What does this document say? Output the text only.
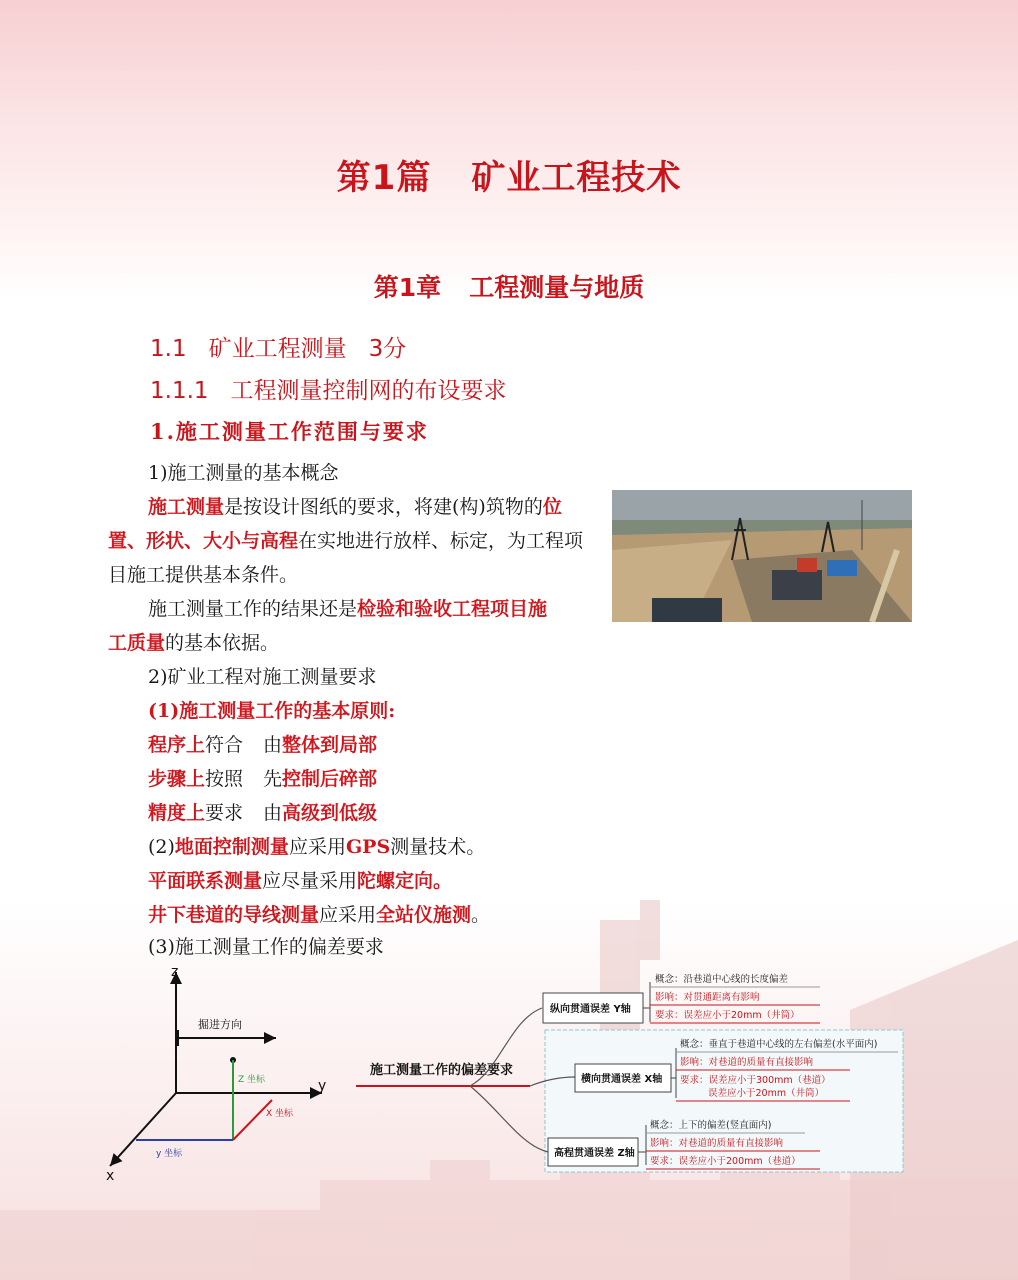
第1篇 矿业工程技术
第1章 工程测量与地质
1.1 矿业工程测量 3分
1.1.1 工程测量控制网的布设要求
1.施工测量工作范围与要求
1)施工测量的基本概念
施工测量是按设计图纸的要求，将建(构)筑物的位
置、形状、大小与高程在实地进行放样、标定，为工程项
目施工提供基本条件。
施工测量工作的结果还是检验和验收工程项目施
工质量的基本依据。
2)矿业工程对施工测量要求
(1)施工测量工作的基本原则:
程序上符合 由整体到局部
步骤上按照 先控制后碎部
精度上要求 由高级到低级
(2)地面控制测量应采用GPS测量技术。
平面联系测量应尽量采用陀螺定向。
井下巷道的导线测量应采用全站仪施测。
(3)施工测量工作的偏差要求
z
y
x
掘进方向
Z 坐标
X 坐标
y 坐标
施工测量工作的偏差要求
纵向贯通误差 Y轴
概念：沿巷道中心线的长度偏差
影响：对贯通距离有影响
要求：误差应小于20mm（井筒）
横向贯通误差 X轴
概念：垂直于巷道中心线的左右偏差(水平面内)
影响：对巷道的质量有直接影响
要求：误差应小于300mm（巷道）
误差应小于20mm（井筒）
高程贯通误差 Z轴
概念：上下的偏差(竖直面内)
影响：对巷道的质量有直接影响
要求：误差应小于200mm（巷道）
